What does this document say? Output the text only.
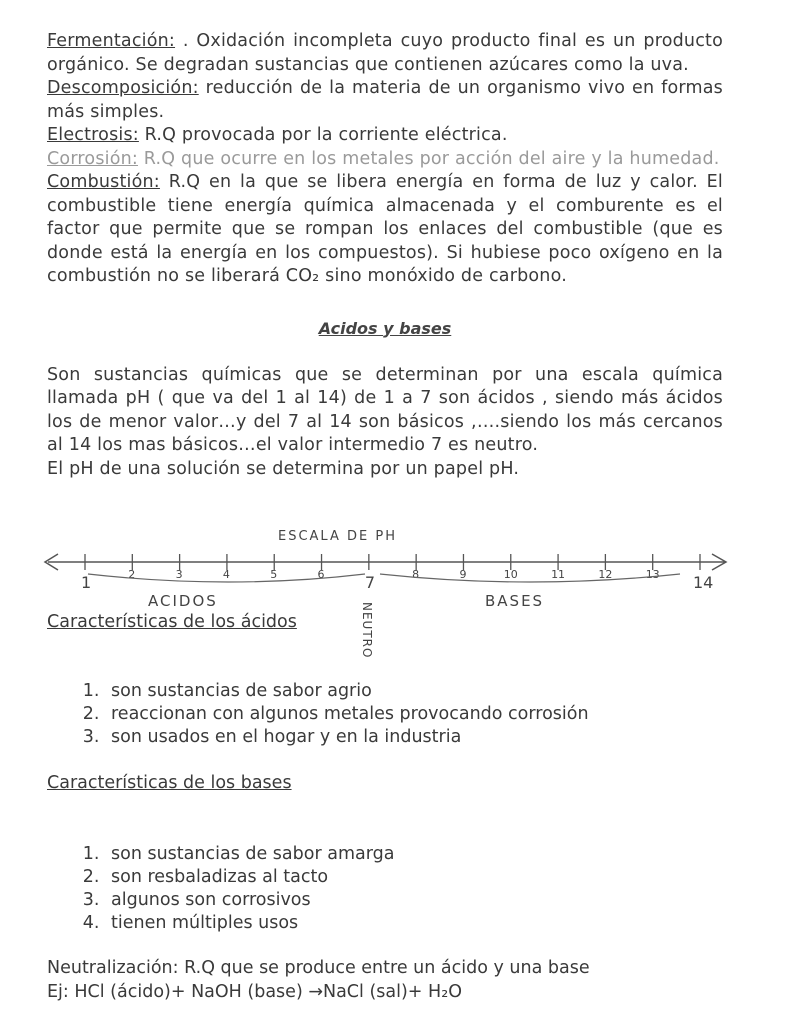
Fermentación: . Oxidación incompleta cuyo producto final es un producto orgánico. Se degradan sustancias que contienen azúcares como la uva.

Descomposición: reducción de la materia de un organismo vivo en formas más simples.

Electrosis: R.Q provocada por la corriente eléctrica.

Corrosión: R.Q que ocurre en los metales por acción del aire y la humedad.

Combustión: R.Q en la que se libera energía en forma de luz y calor. El combustible tiene energía química almacenada y el comburente es el factor que permite que se rompan los enlaces del combustible (que es donde está la energía en los compuestos). Si hubiese poco oxígeno en la combustión no se liberará CO₂ sino monóxido de carbono.

Acidos y bases

Son sustancias químicas que se determinan por una escala química llamada pH ( que va del 1 al 14) de 1 a 7 son ácidos , siendo más ácidos los de menor valor…y del 7 al 14 son básicos ,….siendo los más cercanos al 14 los mas básicos…el valor intermedio 7 es neutro.

El pH de una solución se determina por un papel pH.

ESCALA DE PH
1	2	3	4	5	6	7	8	9	10	11	12	13 14
ACIDOS	BASES
NEUTRO

Características de los ácidos

1. son sustancias de sabor agrio
2. reaccionan con algunos metales provocando corrosión
3. son usados en el hogar y en la industria

Características de los bases

1. son sustancias de sabor amarga
2. son resbaladizas al tacto
3. algunos son corrosivos
4. tienen múltiples usos

Neutralización: R.Q que se produce entre un ácido y una base

Ej: HCl (ácido)+ NaOH (base) →NaCl (sal)+ H₂O
